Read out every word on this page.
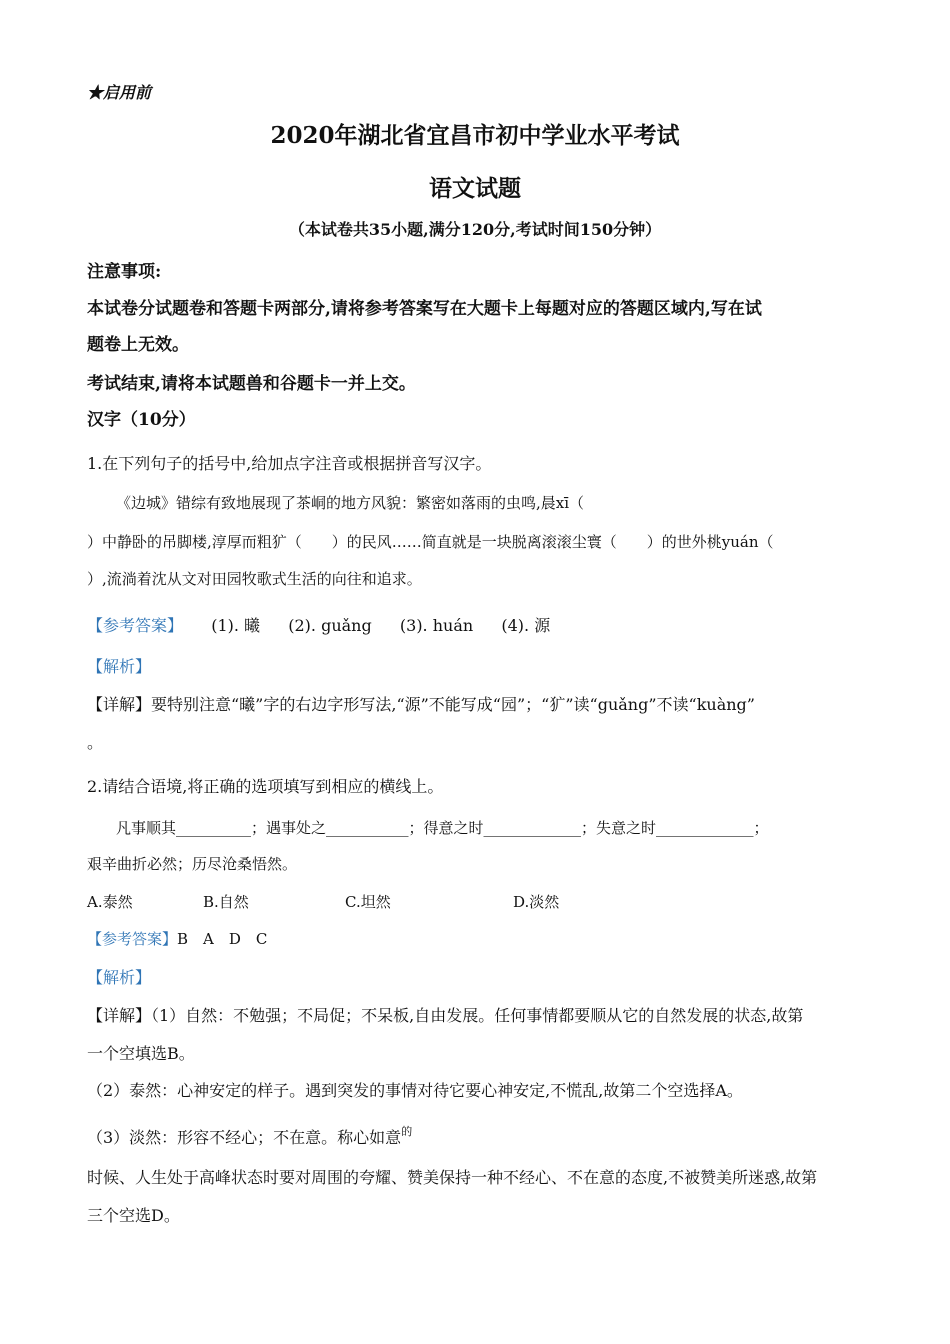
★启用前
2020年湖北省宜昌市初中学业水平考试
语文试题
（本试卷共35小题,满分120分,考试时间150分钟）
注意事项:
本试卷分试题卷和答题卡两部分,请将参考答案写在大题卡上每题对应的答题区域内,写在试
题卷上无效。
考试结束,请将本试题兽和谷题卡一并上交。
汉字（10分）
1.在下列句子的括号中,给加点字注音或根据拼音写汉字。
《边城》错综有致地展现了茶峒的地方风貌：繁密如落雨的虫鸣,晨xī（
）中静卧的吊脚楼,淳厚而粗犷（　　）的民风……简直就是一块脱离滚滚尘寰（　　）的世外桃yuán（
）,流淌着沈从文对田园牧歌式生活的向往和追求。
【参考答案】 (1). 曦 (2). guǎng (3). huán (4). 源
【解析】
【详解】要特别注意“曦”字的右边字形写法,“源”不能写成“园”；“犷”读“guǎng”不读“kuàng”
。
2.请结合语境,将正确的选项填写到相应的横线上。
凡事顺其__________；遇事处之___________；得意之时_____________；失意之时_____________；
艰辛曲折必然；历尽沧桑悟然。
A.泰然	B.自然	C.坦然	D.淡然
【参考答案】B　A　D　C
【解析】
【详解】（1）自然：不勉强；不局促；不呆板,自由发展。任何事情都要顺从它的自然发展的状态,故第
一个空填选B。
（2）泰然：心神安定的样子。遇到突发的事情对待它要心神安定,不慌乱,故第二个空选择A。
（3）淡然：形容不经心；不在意。称心如意$^的$
时候、人生处于高峰状态时要对周围的夸耀、赞美保持一种不经心、不在意的态度,不被赞美所迷惑,故第
三个空选D。
